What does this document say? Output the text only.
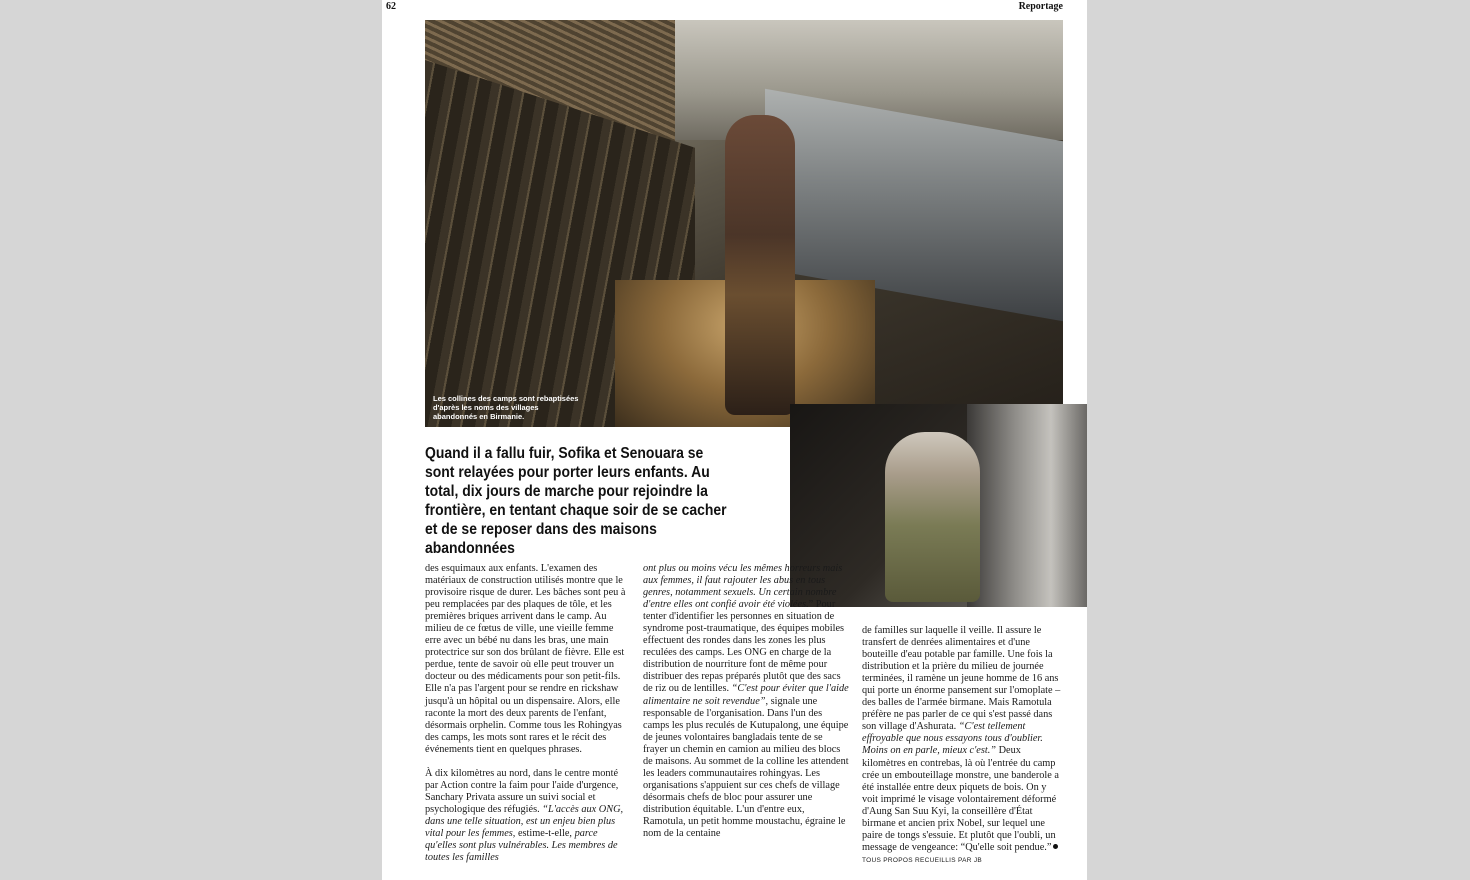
62	Reportage
Les collines des camps sont rebaptisées d'après les noms des villages abandonnés en Birmanie.
Quand il a fallu fuir, Sofika et Senouara se sont relayées pour porter leurs enfants. Au total, dix jours de marche pour rejoindre la frontière, en tentant chaque soir de se cacher et de se reposer dans des maisons abandonnées

des esquimaux aux enfants. L'examen des matériaux de construction utilisés montre que le provisoire risque de durer. Les bâches sont peu à peu remplacées par des plaques de tôle, et les premières briques arrivent dans le camp. Au milieu de ce fœtus de ville, une vieille femme erre avec un bébé nu dans les bras, une main protectrice sur son dos brûlant de fièvre. Elle est perdue, tente de savoir où elle peut trouver un docteur ou des médicaments pour son petit-fils. Elle n'a pas l'argent pour se rendre en rickshaw jusqu'à un hôpital ou un dispensaire. Alors, elle raconte la mort des deux parents de l'enfant, désormais orphelin. Comme tous les Rohingyas des camps, les mots sont rares et le récit des événements tient en quelques phrases.

À dix kilomètres au nord, dans le centre monté par Action contre la faim pour l'aide d'urgence, Sanchary Privata assure un suivi social et psychologique des réfugiés. “L'accès aux ONG, dans une telle situation, est un enjeu bien plus vital pour les femmes, estime-t-elle, parce qu'elles sont plus vulnérables. Les membres de toutes les familles

ont plus ou moins vécu les mêmes horreurs mais aux femmes, il faut rajouter les abus en tous genres, notamment sexuels. Un certain nombre d'entre elles ont confié avoir été violées.” Pour tenter d'identifier les personnes en situation de syndrome post-traumatique, des équipes mobiles effectuent des rondes dans les zones les plus reculées des camps. Les ONG en charge de la distribution de nourriture font de même pour distribuer des repas préparés plutôt que des sacs de riz ou de lentilles. “C'est pour éviter que l'aide alimentaire ne soit revendue”, signale une responsable de l'organisation. Dans l'un des camps les plus reculés de Kutupalong, une équipe de jeunes volontaires bangladais tente de se frayer un chemin en camion au milieu des blocs de maisons. Au sommet de la colline les attendent les leaders communautaires rohingyas. Les organisations s'appuient sur ces chefs de village désormais chefs de bloc pour assurer une distribution équitable. L'un d'entre eux, Ramotula, un petit homme moustachu, égraine le nom de la centaine

de familles sur laquelle il veille. Il assure le transfert de denrées alimentaires et d'une bouteille d'eau potable par famille. Une fois la distribution et la prière du milieu de journée terminées, il ramène un jeune homme de 16 ans qui porte un énorme pansement sur l'omoplate –des balles de l'armée birmane. Mais Ramotula préfère ne pas parler de ce qui s'est passé dans son village d'Ashurata. “C'est tellement effroyable que nous essayons tous d'oublier. Moins on en parle, mieux c'est.” Deux kilomètres en contrebas, là où l'entrée du camp crée un embouteillage monstre, une banderole a été installée entre deux piquets de bois. On y voit imprimé le visage volontairement déformé d'Aung San Suu Kyi, la conseillère d'État birmane et ancien prix Nobel, sur lequel une paire de tongs s'essuie. Et plutôt que l'oubli, un message de vengeance: “Qu'elle soit pendue.”TOUS PROPOS RECUEILLIS PAR JB
